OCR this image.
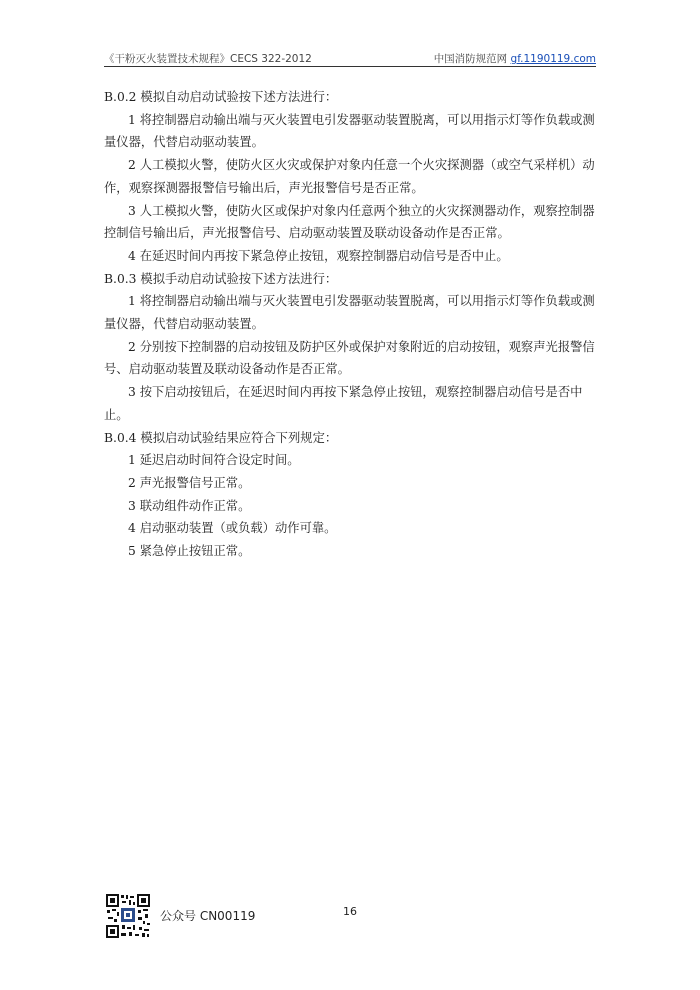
《干粉灭火装置技术规程》CECS 322-2012	中国消防规范网 gf.1190119.com

B.0.2 模拟自动启动试验按下述方法进行：

1 将控制器启动输出端与灭火装置电引发器驱动装置脱离，可以用指示灯等作负载或测量仪器，代替启动驱动装置。

2 人工模拟火警，使防火区火灾或保护对象内任意一个火灾探测器（或空气采样机）动作，观察探测器报警信号输出后，声光报警信号是否正常。

3 人工模拟火警，使防火区或保护对象内任意两个独立的火灾探测器动作，观察控制器控制信号输出后，声光报警信号、启动驱动装置及联动设备动作是否正常。

4 在延迟时间内再按下紧急停止按钮，观察控制器启动信号是否中止。

B.0.3 模拟手动启动试验按下述方法进行：

1 将控制器启动输出端与灭火装置电引发器驱动装置脱离，可以用指示灯等作负载或测量仪器，代替启动驱动装置。

2 分别按下控制器的启动按钮及防护区外或保护对象附近的启动按钮，观察声光报警信号、启动驱动装置及联动设备动作是否正常。

3 按下启动按钮后，在延迟时间内再按下紧急停止按钮，观察控制器启动信号是否中止。

B.0.4 模拟启动试验结果应符合下列规定：

1 延迟启动时间符合设定时间。

2 声光报警信号正常。

3 联动组件动作正常。

4 启动驱动装置（或负载）动作可靠。

5 紧急停止按钮正常。

公众号 CN00119	16
